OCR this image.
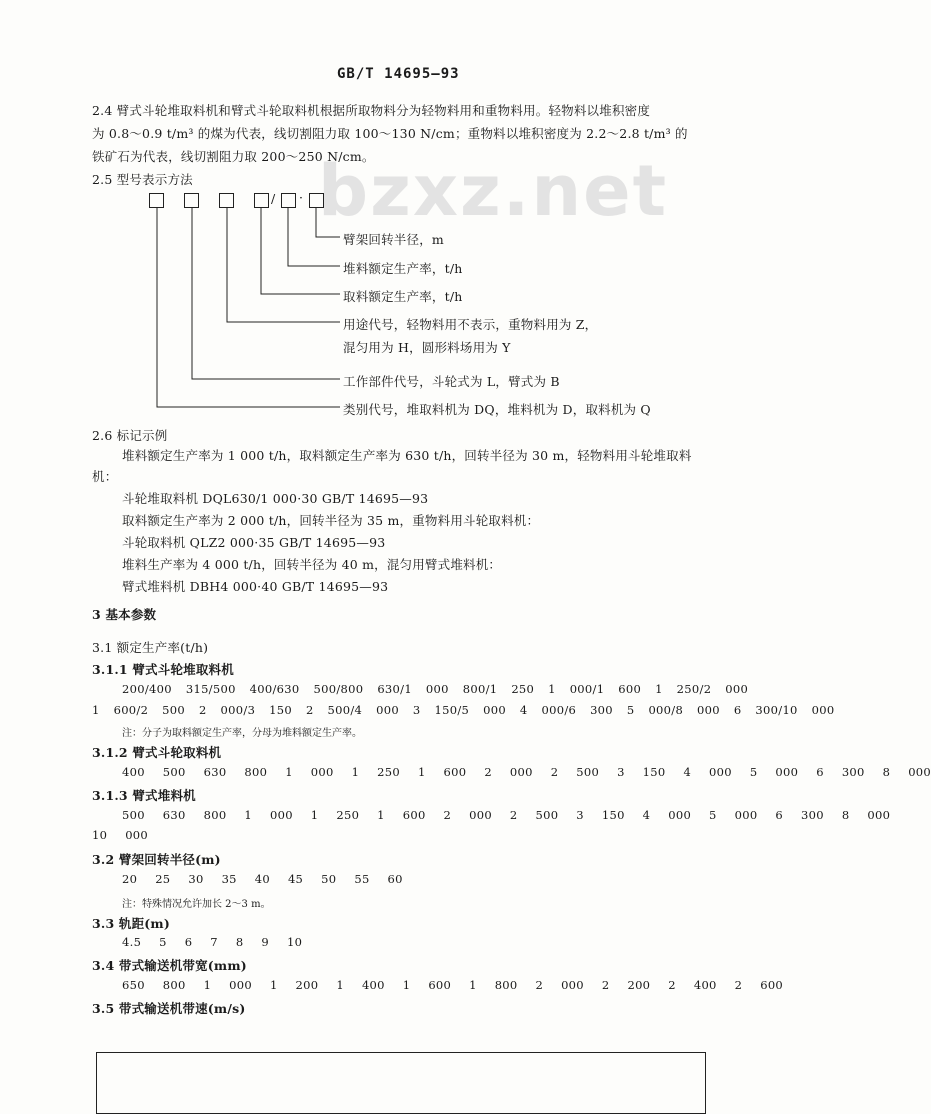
bzxz.net
GB/T 14695—93
2.4 臂式斗轮堆取料机和臂式斗轮取料机根据所取物料分为轻物料用和重物料用。轻物料以堆积密度
为 0.8～0.9 t/m³ 的煤为代表，线切割阻力取 100～130 N/cm；重物料以堆积密度为 2.2～2.8 t/m³ 的
铁矿石为代表，线切割阻力取 200～250 N/cm。
2.5 型号表示方法
/ ·
臂架回转半径，m
堆料额定生产率，t/h
取料额定生产率，t/h
用途代号，轻物料用不表示，重物料用为 Z，
混匀用为 H，圆形料场用为 Y
工作部件代号，斗轮式为 L，臂式为 B
类别代号，堆取料机为 DQ，堆料机为 D，取料机为 Q
2.6 标记示例
堆料额定生产率为 1 000 t/h，取料额定生产率为 630 t/h，回转半径为 30 m，轻物料用斗轮堆取料
机：
斗轮堆取料机 DQL630/1 000·30 GB/T 14695—93
取料额定生产率为 2 000 t/h，回转半径为 35 m，重物料用斗轮取料机：
斗轮取料机 QLZ2 000·35 GB/T 14695—93
堆料生产率为 4 000 t/h，回转半径为 40 m，混匀用臂式堆料机：
臂式堆料机 DBH4 000·40 GB/T 14695—93
3 基本参数
3.1 额定生产率(t/h)
3.1.1 臂式斗轮堆取料机
200/400 315/500 400/630 500/800 630/1 000 800/1 250 1 000/1 600 1 250/2 000
1 600/2 500 2 000/3 150 2 500/4 000 3 150/5 000 4 000/6 300 5 000/8 000 6 300/10 000
注：分子为取料额定生产率，分母为堆料额定生产率。
3.1.2 臂式斗轮取料机
400 500 630 800 1 000 1 250 1 600 2 000 2 500 3 150 4 000 5 000 6 300 8 000
3.1.3 臂式堆料机
500 630 800 1 000 1 250 1 600 2 000 2 500 3 150 4 000 5 000 6 300 8 000
10 000
3.2 臂架回转半径(m)
20 25 30 35 40 45 50 55 60
注：特殊情况允许加长 2～3 m。
3.3 轨距(m)
4.5 5 6 7 8 9 10
3.4 带式输送机带宽(mm)
650 800 1 000 1 200 1 400 1 600 1 800 2 000 2 200 2 400 2 600
3.5 带式输送机带速(m/s)
